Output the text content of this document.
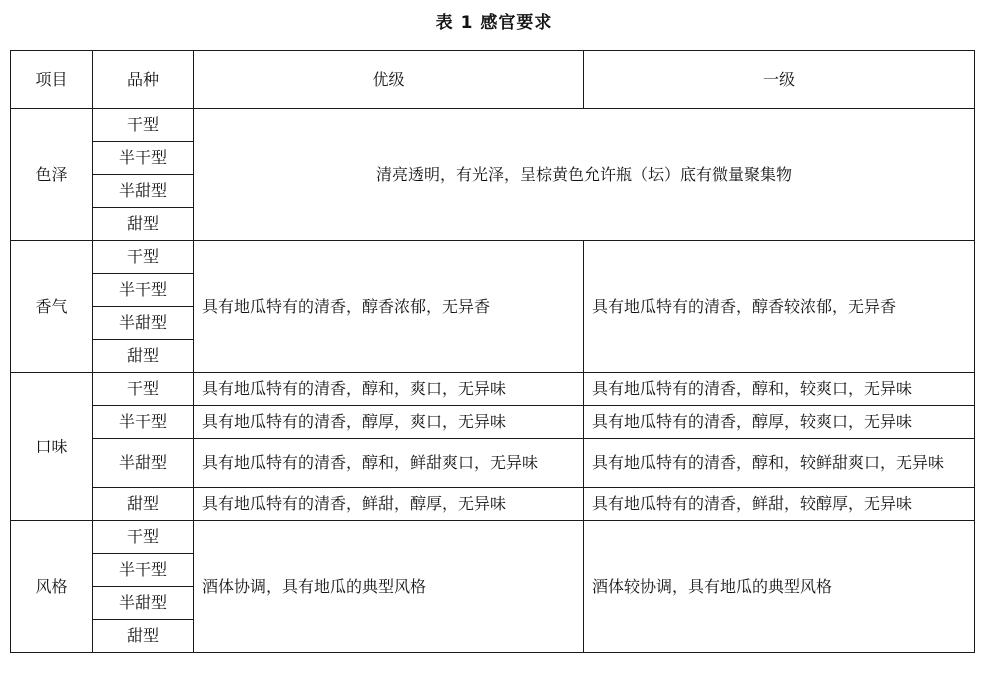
表 1 感官要求
项目	品种	优级	一级
色泽	干型	清亮透明，有光泽，呈棕黄色允许瓶（坛）底有微量聚集物	
	半干型		
	半甜型		
	甜型		
香气	干型	具有地瓜特有的清香，醇香浓郁，无异香	具有地瓜特有的清香，醇香较浓郁，无异香
	半干型		
	半甜型		
	甜型		
口味	干型	具有地瓜特有的清香，醇和，爽口，无异味	具有地瓜特有的清香，醇和，较爽口，无异味
	半干型	具有地瓜特有的清香，醇厚，爽口，无异味	具有地瓜特有的清香，醇厚，较爽口，无异味
	半甜型	具有地瓜特有的清香，醇和，鲜甜爽口，无异味	具有地瓜特有的清香，醇和，较鲜甜爽口，无异味
	甜型	具有地瓜特有的清香，鲜甜，醇厚，无异味	具有地瓜特有的清香，鲜甜，较醇厚，无异味
风格	干型	酒体协调，具有地瓜的典型风格	酒体较协调，具有地瓜的典型风格
	半干型		
	半甜型		
	甜型		
